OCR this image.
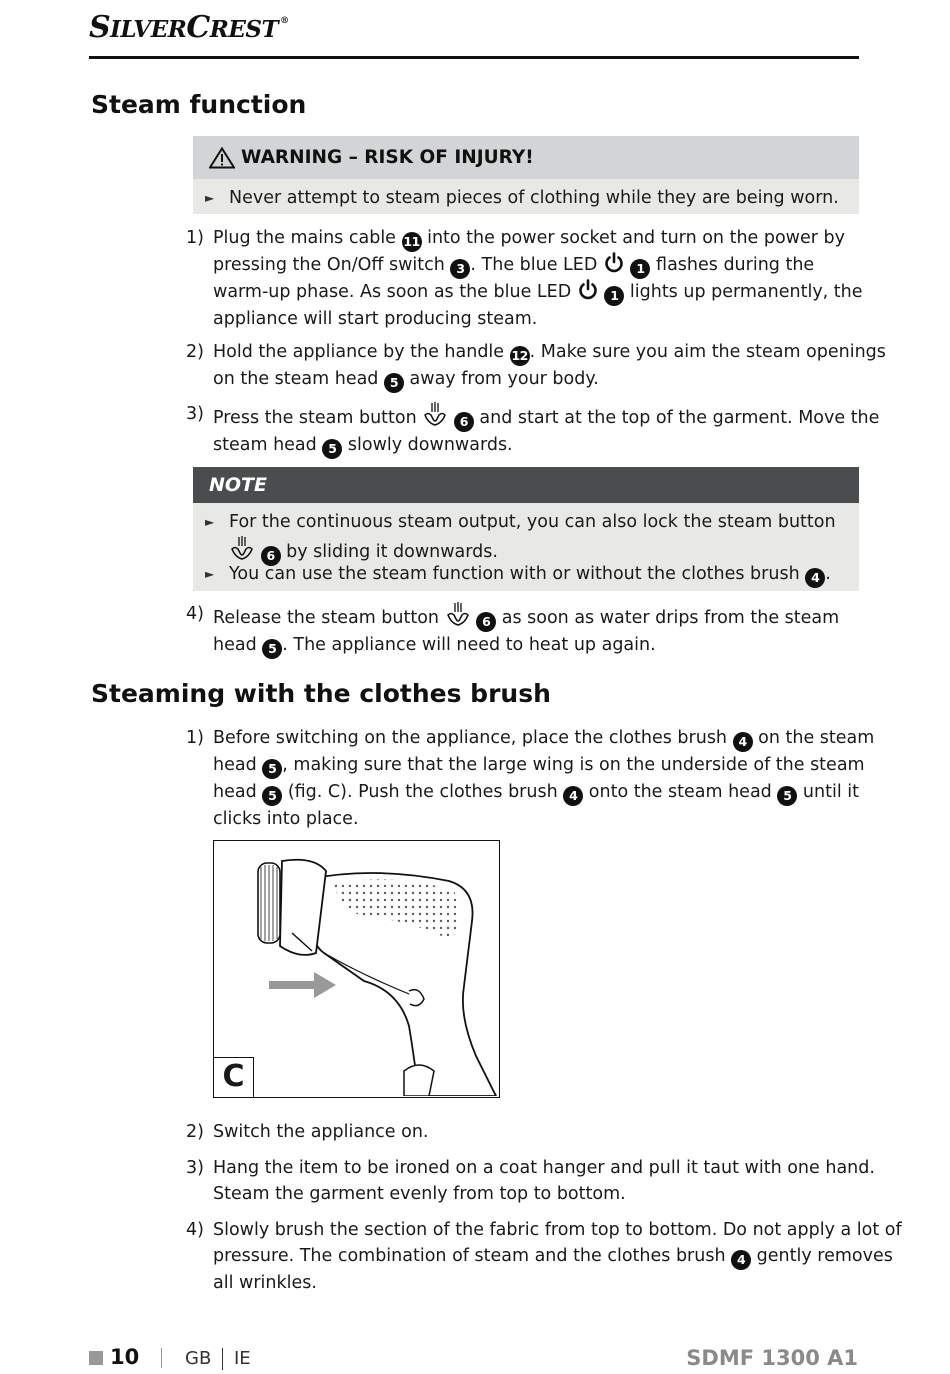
SILVERCREST ®
Steam function
WARNING – RISK OF INJURY!
► Never attempt to steam pieces of clothing while they are being worn.
1) Plug the mains cable 11 into the power socket and turn on the power by
pressing the On/Off switch 3 . The blue LED	1 flashes during the
warm-up phase. As soon as the blue LED	1 lights up permanently, the
appliance will start producing steam.
2) Hold the appliance by the handle 12 . Make sure you aim the steam openings
on the steam head 5 away from your body.
3) Press the steam button	6 and start at the top of the garment. Move the
steam head 5 slowly downwards.
NOTE
► For the continuous steam output, you can also lock the steam button
6 by sliding it downwards.
► You can use the steam function with or without the clothes brush 4 .
4) Release the steam button	6 as soon as water drips from the steam
head 5 . The appliance will need to heat up again.
Steaming with the clothes brush
1) Before switching on the appliance, place the clothes brush 4 on the steam
head 5 , making sure that the large wing is on the underside of the steam
head 5 (fig. C). Push the clothes brush 4 onto the steam head 5 until it
clicks into place.
C
2) Switch the appliance on.
3) Hang the item to be ironed on a coat hanger and pull it taut with one hand.
Steam the garment evenly from top to bottom.
4) Slowly brush the section of the fabric from top to bottom. Do not apply a lot of
pressure. The combination of steam and the clothes brush 4 gently removes
all wrinkles.
10	GB IE	SDMF 1300 A1
